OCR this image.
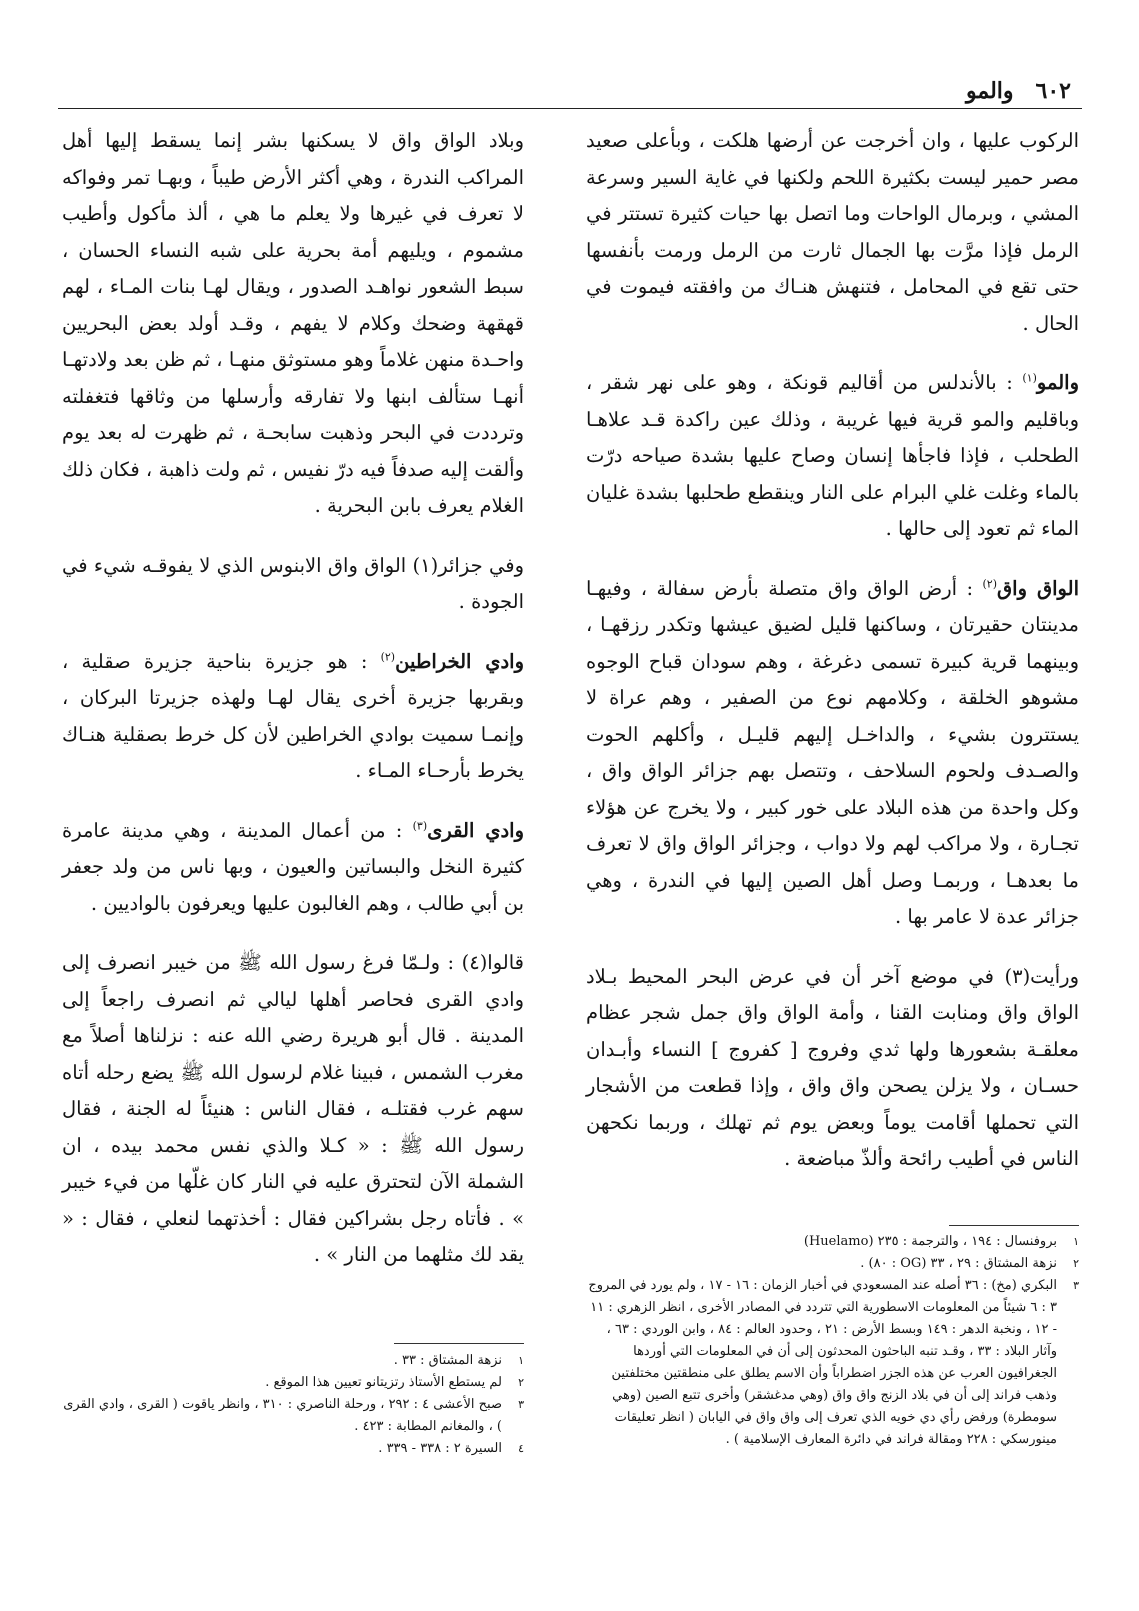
٦٠٢
والمو

الركوب عليها ، وان أخرجت عن أرضها هلكت ، وبأعلى صعيد مصر حمير ليست بكثيرة اللحم ولكنها في غاية السير وسرعة المشي ، وبرمال الواحات وما اتصل بها حيات كثيرة تستتر في الرمل فإذا مرَّت بها الجمال ثارت من الرمل ورمت بأنفسها حتى تقع في المحامل ، فتنهش هنـاك من وافقته فيموت في الحال .

والمو$^{(١)}$ : بالأندلس من أقاليم قونكة ، وهو على نهر شقر ، وباقليم والمو قرية فيها غريبة ، وذلك عين راكدة قـد علاهـا الطحلب ، فإذا فاجأها إنسان وصاح عليها بشدة صياحه درّت بالماء وغلت غلي البرام على النار وينقطع طحلبها بشدة غليان الماء ثم تعود إلى حالها .

الواق واق$^{(٢)}$ : أرض الواق واق متصلة بأرض سفالة ، وفيهـا مدينتان حقيرتان ، وساكنها قليل لضيق عيشها وتكدر رزقهـا ، وبينهما قرية كبيرة تسمى دغرغة ، وهم سودان قباح الوجوه مشوهو الخلقة ، وكلامهم نوع من الصفير ، وهم عراة لا يستترون بشيء ، والداخـل إليهم قليـل ، وأكلهم الحوت والصـدف ولحوم السلاحف ، وتتصل بهم جزائر الواق واق ، وكل واحدة من هذه البلاد على خور كبير ، ولا يخرج عن هؤلاء تجـارة ، ولا مراكب لهم ولا دواب ، وجزائر الواق واق لا تعرف ما بعدهـا ، وربمـا وصل أهل الصين إليها في الندرة ، وهي جزائر عدة لا عامر بها .

ورأيت(٣) في موضع آخر أن في عرض البحر المحيط بـلاد الواق واق ومنابت القنا ، وأمة الواق واق جمل شجر عظام معلقـة بشعورها ولها ثدي وفروج [ كفروج ] النساء وأبـدان حسـان ، ولا يزلن يصحن واق واق ، وإذا قطعت من الأشجار التي تحملها أقامت يوماً وبعض يوم ثم تهلك ، وربما نكحهن الناس في أطيب رائحة وألذّ مباضعة .

١
بروفنسال : ١٩٤ ، والترجمة : ٢٣٥ (Huelamo)
٢
نزهة المشتاق : ٢٩ ، ٣٣ (OG : ٨٠) .
٣
البكري (مخ) : ٣٦ أصله عند المسعودي في أخبار الزمان : ١٦ - ١٧ ، ولم يورد في المروج ٣ : ٦ شيئاً من المعلومات الاسطورية التي تتردد في المصادر الأخرى ، انظر الزهري : ١١ - ١٢ ، ونخبة الدهر : ١٤٩ وبسط الأرض : ٢١ ، وحدود العالم : ٨٤ ، وابن الوردي : ٦٣ ، وآثار البلاد : ٣٣ ، وقـد تنبه الباحثون المحدثون إلى أن في المعلومات التي أوردها الجغرافيون العرب عن هذه الجزر اضطراباً وأن الاسم يطلق على منطقتين مختلفتين وذهب فراند إلى أن في بلاد الزنج واق واق (وهي مدغشقر) وأخرى تتبع الصين (وهي سومطرة) ورفض رأي دي خويه الذي تعرف إلى واق واق في اليابان ( انظر تعليقات مينورسكي : ٢٢٨ ومقالة فراند في دائرة المعارف الإسلامية ) .

وبلاد الواق واق لا يسكنها بشر إنما يسقط إليها أهل المراكب الندرة ، وهي أكثر الأرض طيباً ، وبهـا تمر وفواكه لا تعرف في غيرها ولا يعلم ما هي ، ألذ مأكول وأطيب مشموم ، ويليهم أمة بحرية على شبه النساء الحسان ، سبط الشعور نواهـد الصدور ، ويقال لهـا بنات المـاء ، لهم قهقهة وضحك وكلام لا يفهم ، وقـد أولد بعض البحريين واحـدة منهن غلاماً وهو مستوثق منهـا ، ثم ظن بعد ولادتهـا أنهـا ستألف ابنها ولا تفارقه وأرسلها من وثاقها فتغفلته وترددت في البحر وذهبت سابحـة ، ثم ظهرت له بعد يوم وألقت إليه صدفاً فيه درّ نفيس ، ثم ولت ذاهبة ، فكان ذلك الغلام يعرف بابن البحرية .

وفي جزائر(١) الواق واق الابنوس الذي لا يفوقـه شيء في الجودة .

وادي الخراطين$^{(٢)}$ : هو جزيرة بناحية جزيرة صقلية ، وبقربها جزيرة أخرى يقال لهـا ولهذه جزيرتا البركان ، وإنمـا سميت بوادي الخراطين لأن كل خرط بصقلية هنـاك يخرط بأرحـاء المـاء .

وادي القرى$^{(٣)}$ : من أعمال المدينة ، وهي مدينة عامرة كثيرة النخل والبساتين والعيون ، وبها ناس من ولد جعفر بن أبي طالب ، وهم الغالبون عليها ويعرفون بالواديين .

قالوا(٤) : ولـمّا فرغ رسول الله ﷺ من خيبر انصرف إلى وادي القرى فحاصر أهلها ليالي ثم انصرف راجعاً إلى المدينة . قال أبو هريرة رضي الله عنه : نزلناها أصلاً مع مغرب الشمس ، فبينا غلام لرسول الله ﷺ يضع رحله أتاه سهم غرب فقتلـه ، فقال الناس : هنيئاً له الجنة ، فقال رسول الله ﷺ : « كـلا والذي نفس محمد بيده ، ان الشملة الآن لتحترق عليه في النار كان غلّها من فيء خيبر » . فأتاه رجل بشراكين فقال : أخذتهما لنعلي ، فقال : « يقد لك مثلهما من النار » .

١
نزهة المشتاق : ٣٣ .
٢
لم يستطع الأستاذ رتزيتانو تعيين هذا الموقع .
٣
صبح الأعشى ٤ : ٢٩٢ ، ورحلة الناصري : ٣١٠ ، وانظر ياقوت ( القرى ، وادي القرى ) ، والمغانم المطابة : ٤٢٣ .
٤
السيرة ٢ : ٣٣٨ - ٣٣٩ .
